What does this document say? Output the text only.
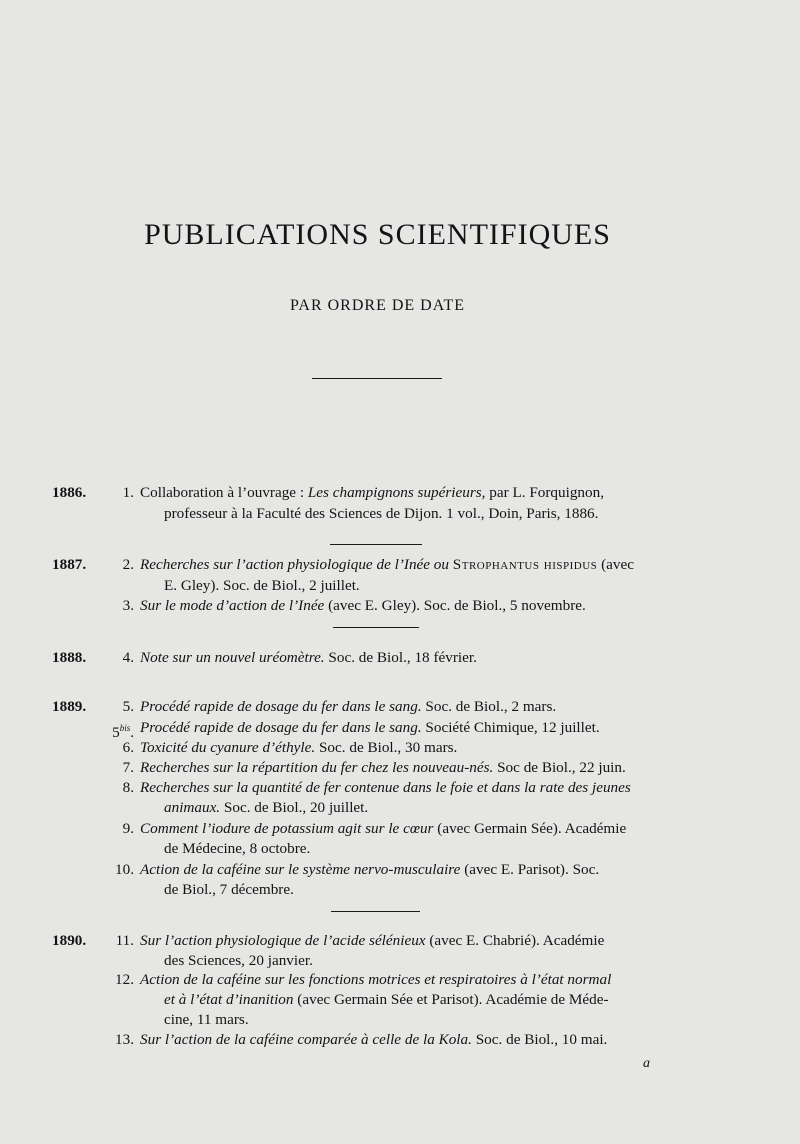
PUBLICATIONS SCIENTIFIQUES
PAR ORDRE DE DATE
1886.	1. Collaboration à l’ouvrage : Les champignons supérieurs, par L. Forquignon,
professeur à la Faculté des Sciences de Dijon. 1 vol., Doin, Paris, 1886.
1887.	2. Recherches sur l’action physiologique de l’Inée ou Strophantus hispidus (avec
E. Gley). Soc. de Biol., 2 juillet.
3. Sur le mode d’action de l’Inée (avec E. Gley). Soc. de Biol., 5 novembre.
1888.	4. Note sur un nouvel uréomètre. Soc. de Biol., 18 février.
1889.	5. Procédé rapide de dosage du fer dans le sang. Soc. de Biol., 2 mars.
$5^{bis}$. Procédé rapide de dosage du fer dans le sang. Société Chimique, 12 juillet.
6. Toxicité du cyanure d’éthyle. Soc. de Biol., 30 mars.
7. Recherches sur la répartition du fer chez les nouveau-nés. Soc de Biol., 22 juin.
8. Recherches sur la quantité de fer contenue dans le foie et dans la rate des jeunes
animaux. Soc. de Biol., 20 juillet.
9. Comment l’iodure de potassium agit sur le cœur (avec Germain Sée). Académie
de Médecine, 8 octobre.
10. Action de la caféine sur le système nervo-musculaire (avec E. Parisot). Soc.
de Biol., 7 décembre.
1890.	11. Sur l’action physiologique de l’acide sélénieux (avec E. Chabrié). Académie
des Sciences, 20 janvier.
12. Action de la caféine sur les fonctions motrices et respiratoires à l’état normal
et à l’état d’inanition (avec Germain Sée et Parisot). Académie de Méde-
cine, 11 mars.
13. Sur l’action de la caféine comparée à celle de la Kola. Soc. de Biol., 10 mai.
a
